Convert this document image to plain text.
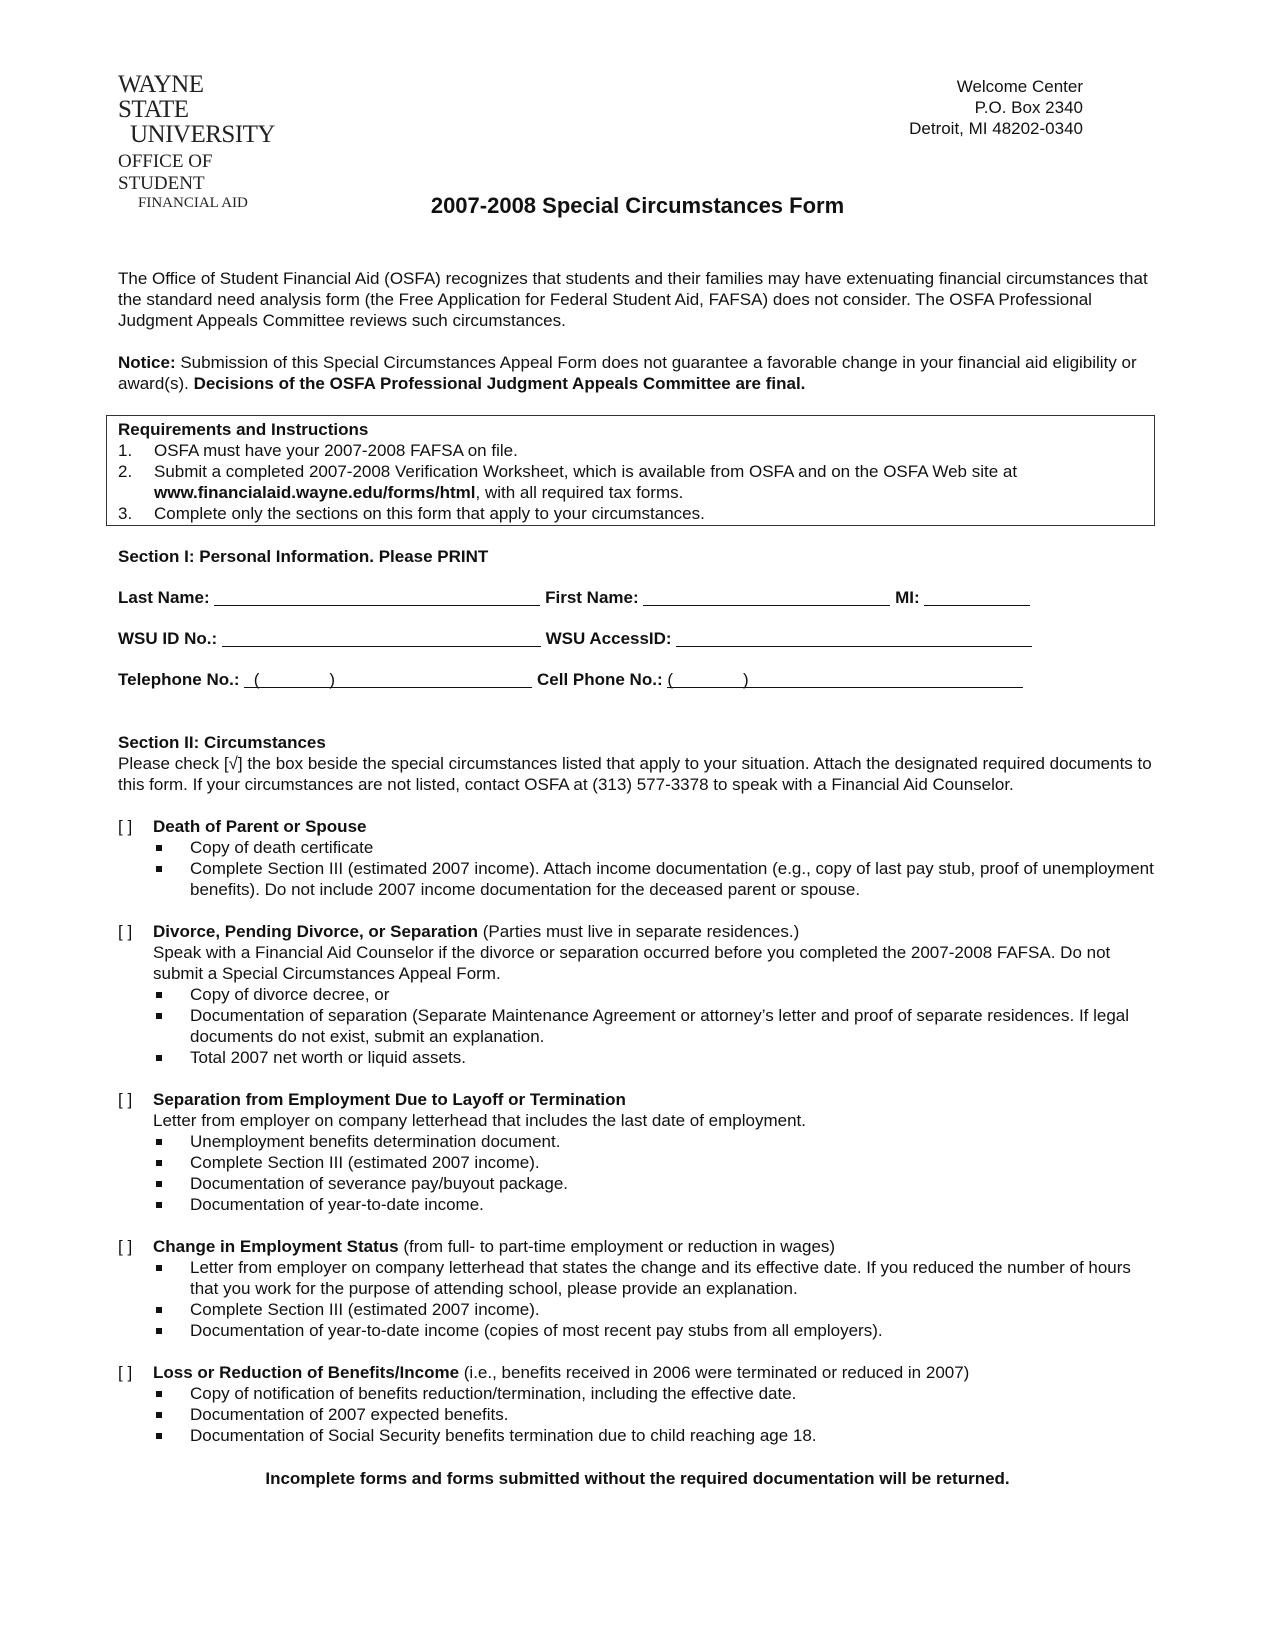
WAYNE STATE
UNIVERSITY
OFFICE OF STUDENT
FINANCIAL AID
Welcome Center
P.O. Box 2340
Detroit, MI 48202-0340
2007-2008 Special Circumstances Form

The Office of Student Financial Aid (OSFA) recognizes that students and their families may have extenuating financial circumstances that the standard need analysis form (the Free Application for Federal Student Aid, FAFSA) does not consider. The OSFA Professional Judgment Appeals Committee reviews such circumstances.

Notice: Submission of this Special Circumstances Appeal Form does not guarantee a favorable change in your financial aid eligibility or award(s). Decisions of the OSFA Professional Judgment Appeals Committee are final.

Requirements and Instructions
1.	OSFA must have your 2007-2008 FAFSA on file.
2.	Submit a completed 2007-2008 Verification Worksheet, which is available from OSFA and on the OSFA Web site at www.financialaid.wayne.edu/forms/html, with all required tax forms.
3.	Complete only the sections on this form that apply to your circumstances.
Section I: Personal Information. Please PRINT
Last Name:

	First Name:

	MI:

WSU ID No.:

	WSU AccessID:

Telephone No.:
(	)
	Cell Phone No.:
(	)
Section II: Circumstances

Please check [√] the box beside the special circumstances listed that apply to your situation. Attach the designated required documents to this form. If your circumstances are not listed, contact OSFA at (313) 577-3378 to speak with a Financial Aid Counselor.

[ ]	Death of Parent or Spouse
Copy of death certificate
Complete Section III (estimated 2007 income). Attach income documentation (e.g., copy of last pay stub, proof of unemployment benefits). Do not include 2007 income documentation for the deceased parent or spouse.
[ ]	Divorce, Pending Divorce, or Separation (Parties must live in separate residences.)
Speak with a Financial Aid Counselor if the divorce or separation occurred before you completed the 2007-2008 FAFSA. Do not submit a Special Circumstances Appeal Form.
Copy of divorce decree, or
Documentation of separation (Separate Maintenance Agreement or attorney’s letter and proof of separate residences. If legal documents do not exist, submit an explanation.
Total 2007 net worth or liquid assets.
[ ]	Separation from Employment Due to Layoff or Termination
Letter from employer on company letterhead that includes the last date of employment.
Unemployment benefits determination document.
Complete Section III (estimated 2007 income).
Documentation of severance pay/buyout package.
Documentation of year-to-date income.
[ ]	Change in Employment Status (from full- to part-time employment or reduction in wages)
Letter from employer on company letterhead that states the change and its effective date. If you reduced the number of hours that you work for the purpose of attending school, please provide an explanation.
Complete Section III (estimated 2007 income).
Documentation of year-to-date income (copies of most recent pay stubs from all employers).
[ ]	Loss or Reduction of Benefits/Income (i.e., benefits received in 2006 were terminated or reduced in 2007)
Copy of notification of benefits reduction/termination, including the effective date.
Documentation of 2007 expected benefits.
Documentation of Social Security benefits termination due to child reaching age 18.
Incomplete forms and forms submitted without the required documentation will be returned.
